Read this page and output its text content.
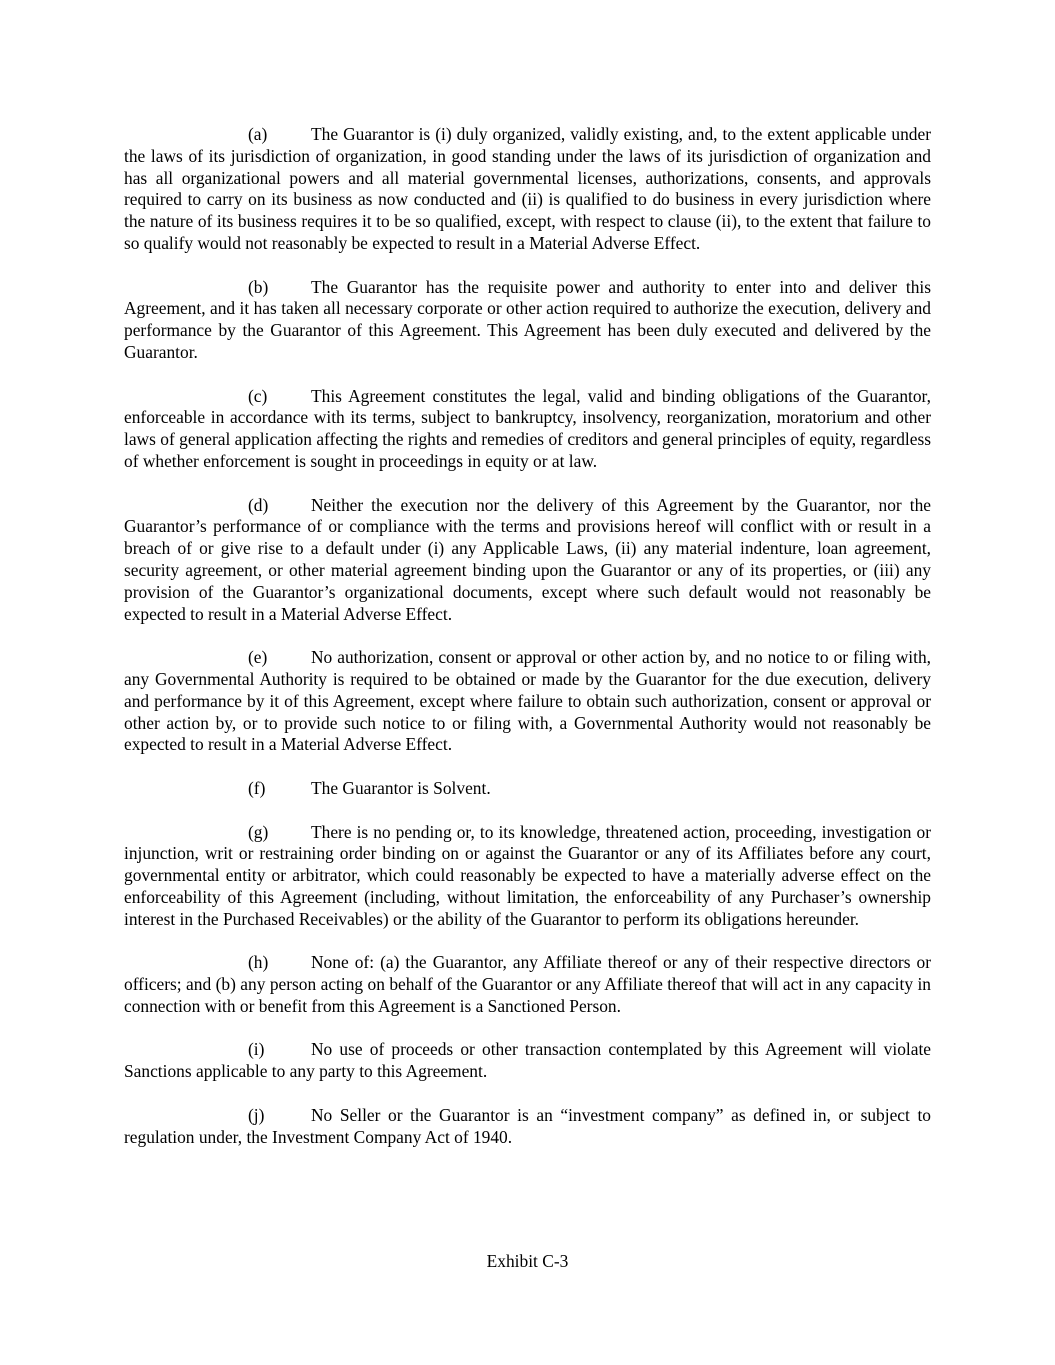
(a)	The Guarantor is (i) duly organized, validly existing, and, to the extent applicable under the laws of its jurisdiction of organization, in good standing under the laws of its jurisdiction of organization and has all organizational powers and all material governmental licenses, authorizations, consents, and approvals required to carry on its business as now conducted and (ii) is qualified to do business in every jurisdiction where the nature of its business requires it to be so qualified, except, with respect to clause (ii), to the extent that failure to so qualify would not reasonably be expected to result in a Material Adverse Effect.

(b) The Guarantor has the requisite power and authority to enter into and deliver this Agreement, and it has taken all necessary corporate or other action required to authorize the execution, delivery and performance by the Guarantor of this Agreement. This Agreement has been duly executed and delivered by the Guarantor.

(c)	This Agreement constitutes the legal, valid and binding obligations of the Guarantor, enforceable in accordance with its terms, subject to bankruptcy, insolvency, reorganization, moratorium and other laws of general application affecting the rights and remedies of creditors and general principles of equity, regardless of whether enforcement is sought in proceedings in equity or at law.

(d) Neither the execution nor the delivery of this Agreement by the Guarantor, nor the Guarantor’s performance of or compliance with the terms and provisions hereof will conflict with or result in a breach of or give rise to a default under (i) any Applicable Laws, (ii) any material indenture, loan agreement, security agreement, or other material agreement binding upon the Guarantor or any of its properties, or (iii) any provision of the Guarantor’s organizational documents, except where such default would not reasonably be expected to result in a Material Adverse Effect.

(e)	No authorization, consent or approval or other action by, and no notice to or filing with, any Governmental Authority is required to be obtained or made by the Guarantor for the due execution, delivery and performance by it of this Agreement, except where failure to obtain such authorization, consent or approval or other action by, or to provide such notice to or filing with, a Governmental Authority would not reasonably be expected to result in a Material Adverse Effect.

(f)	The Guarantor is Solvent.

(g) There is no pending or, to its knowledge, threatened action, proceeding, investigation or injunction, writ or restraining order binding on or against the Guarantor or any of its Affiliates before any court, governmental entity or arbitrator, which could reasonably be expected to have a materially adverse effect on the enforceability of this Agreement (including, without limitation, the enforceability of any Purchaser’s ownership interest in the Purchased Receivables) or the ability of the Guarantor to perform its obligations hereunder.

(h) None of: (a) the Guarantor, any Affiliate thereof or any of their respective directors or officers; and (b) any person acting on behalf of the Guarantor or any Affiliate thereof that will act in any capacity in connection with or benefit from this Agreement is a Sanctioned Person.

(i)	No use of proceeds or other transaction contemplated by this Agreement will violate Sanctions applicable to any party to this Agreement.

(j)	No Seller or the Guarantor is an “investment company” as defined in, or subject to regulation under, the Investment Company Act of 1940.

Exhibit C-3
